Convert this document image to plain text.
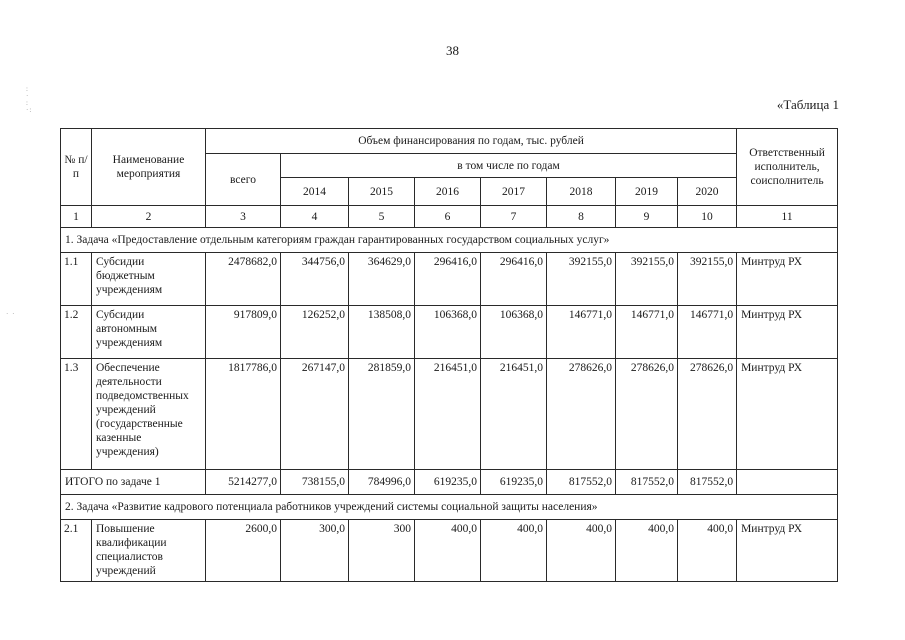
38
«Таблица 1
:
·
:
·:
· ·
№ п/п	Наименование мероприятия	Объем финансирования по годам, тыс. рублей								Ответственный исполнитель, соисполнитель
		всего	в том числе по годам							
			2014	2015	2016	2017	2018	2019	2020	
1	2	3	4	5	6	7	8	9	10	11
1. Задача «Предоставление отдельным категориям граждан гарантированных государством социальных услуг»										
1.1	Субсидии бюджетным учреждениям	2478682,0	344756,0	364629,0	296416,0	296416,0	392155,0	392155,0	392155,0	Минтруд РХ
1.2	Субсидии автономным учреждениям	917809,0	126252,0	138508,0	106368,0	106368,0	146771,0	146771,0	146771,0	Минтруд РХ
1.3	Обеспечение деятельности подведомственных учреждений (государственные казенные учреждения)	1817786,0	267147,0	281859,0	216451,0	216451,0	278626,0	278626,0	278626,0	Минтруд РХ
ИТОГО по задаче 1		5214277,0	738155,0	784996,0	619235,0	619235,0	817552,0	817552,0	817552,0	
2. Задача «Развитие кадрового потенциала работников учреждений системы социальной защиты населения»										
2.1	Повышение квалификации специалистов учреждений	2600,0	300,0	300	400,0	400,0	400,0	400,0	400,0	Минтруд РХ
